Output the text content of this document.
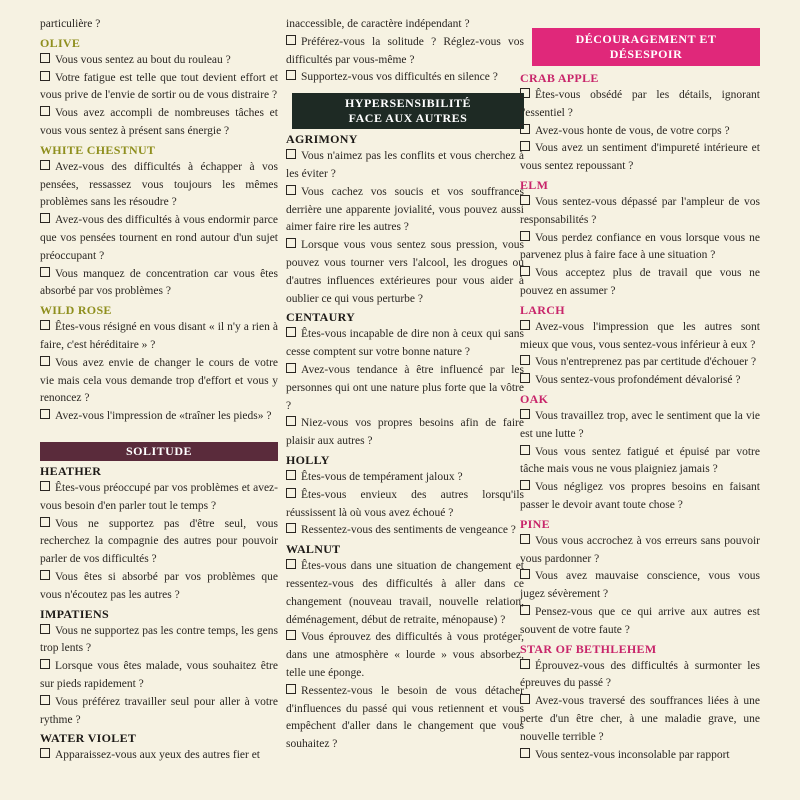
particulière ?

OLIVE

Vous vous sentez au bout du rouleau ?

Votre fatigue est telle que tout devient effort et vous prive de l'envie de sortir ou de vous distraire ?

Vous avez accompli de nombreuses tâches et vous vous sentez à présent sans énergie ?

WHITE CHESTNUT

Avez-vous des difficultés à échapper à vos pensées, ressassez vous toujours les mêmes problèmes sans les résoudre ?

Avez-vous des difficultés à vous endormir parce que vos pensées tournent en rond autour d'un sujet préoccupant ?

Vous manquez de concentration car vous êtes absorbé par vos problèmes ?

WILD ROSE

Êtes-vous résigné en vous disant « il n'y a rien à faire, c'est héréditaire » ?

Vous avez envie de changer le cours de votre vie mais cela vous demande trop d'effort et vous y renoncez ?

Avez-vous l'impression de «traîner les pieds» ?

SOLITUDE
HEATHER

Êtes-vous préoccupé par vos problèmes et avez-vous besoin d'en parler tout le temps ?

Vous ne supportez pas d'être seul, vous recherchez la compagnie des autres pour pouvoir parler de vos difficultés ?

Vous êtes si absorbé par vos problèmes que vous n'écoutez pas les autres ?

IMPATIENS

Vous ne supportez pas les contre temps, les gens trop lents ?

Lorsque vous êtes malade, vous souhaitez être sur pieds rapidement ?

Vous préférez travailler seul pour aller à votre rythme ?

WATER VIOLET

Apparaissez-vous aux yeux des autres fier et

inaccessible, de caractère indépendant ?

Préférez-vous la solitude ? Réglez-vous vos difficultés par vous-même ?

Supportez-vous vos difficultés en silence ?

HYPERSENSIBILITÉ
FACE AUX AUTRES
AGRIMONY

Vous n'aimez pas les conflits et vous cherchez à les éviter ?

Vous cachez vos soucis et vos souffrances derrière une apparente jovialité, vous pouvez aussi aimer faire rire les autres ?

Lorsque vous vous sentez sous pression, vous pouvez vous tourner vers l'alcool, les drogues ou d'autres influences extérieures pour vous aider à oublier ce qui vous perturbe ?

CENTAURY

Êtes-vous incapable de dire non à ceux qui sans cesse comptent sur votre bonne nature ?

Avez-vous tendance à être influencé par les personnes qui ont une nature plus forte que la vôtre ?

Niez-vous vos propres besoins afin de faire plaisir aux autres ?

HOLLY

Êtes-vous de tempérament jaloux ?

Êtes-vous envieux des autres lorsqu'ils réussissent là où vous avez échoué ?

Ressentez-vous des sentiments de vengeance ?

WALNUT

Êtes-vous dans une situation de changement et ressentez-vous des difficultés à aller dans ce changement (nouveau travail, nouvelle relation, déménagement, début de retraite, ménopause) ?

Vous éprouvez des difficultés à vous protéger, dans une atmosphère « lourde » vous absorbez, telle une éponge.

Ressentez-vous le besoin de vous détacher d'influences du passé qui vous retiennent et vous empêchent d'aller dans le changement que vous souhaitez ?

DÉCOURAGEMENT ET
DÉSESPOIR
CRAB APPLE

Êtes-vous obsédé par les détails, ignorant l'essentiel ?

Avez-vous honte de vous, de votre corps ?

Vous avez un sentiment d'impureté intérieure et vous sentez repoussant ?

ELM

Vous sentez-vous dépassé par l'ampleur de vos responsabilités ?

Vous perdez confiance en vous lorsque vous ne parvenez plus à faire face à une situation ?

Vous acceptez plus de travail que vous ne pouvez en assumer ?

LARCH

Avez-vous l'impression que les autres sont mieux que vous, vous sentez-vous inférieur à eux ?

Vous n'entreprenez pas par certitude d'échouer ?

Vous sentez-vous profondément dévalorisé ?

OAK

Vous travaillez trop, avec le sentiment que la vie est une lutte ?

Vous vous sentez fatigué et épuisé par votre tâche mais vous ne vous plaigniez jamais ?

Vous négligez vos propres besoins en faisant passer le devoir avant toute chose ?

PINE

Vous vous accrochez à vos erreurs sans pouvoir vous pardonner ?

Vous avez mauvaise conscience, vous vous jugez sévèrement ?

Pensez-vous que ce qui arrive aux autres est souvent de votre faute ?

STAR OF BETHLEHEM

Éprouvez-vous des difficultés à surmonter les épreuves du passé ?

Avez-vous traversé des souffrances liées à une perte d'un être cher, à une maladie grave, une nouvelle terrible ?

Vous sentez-vous inconsolable par rapport
